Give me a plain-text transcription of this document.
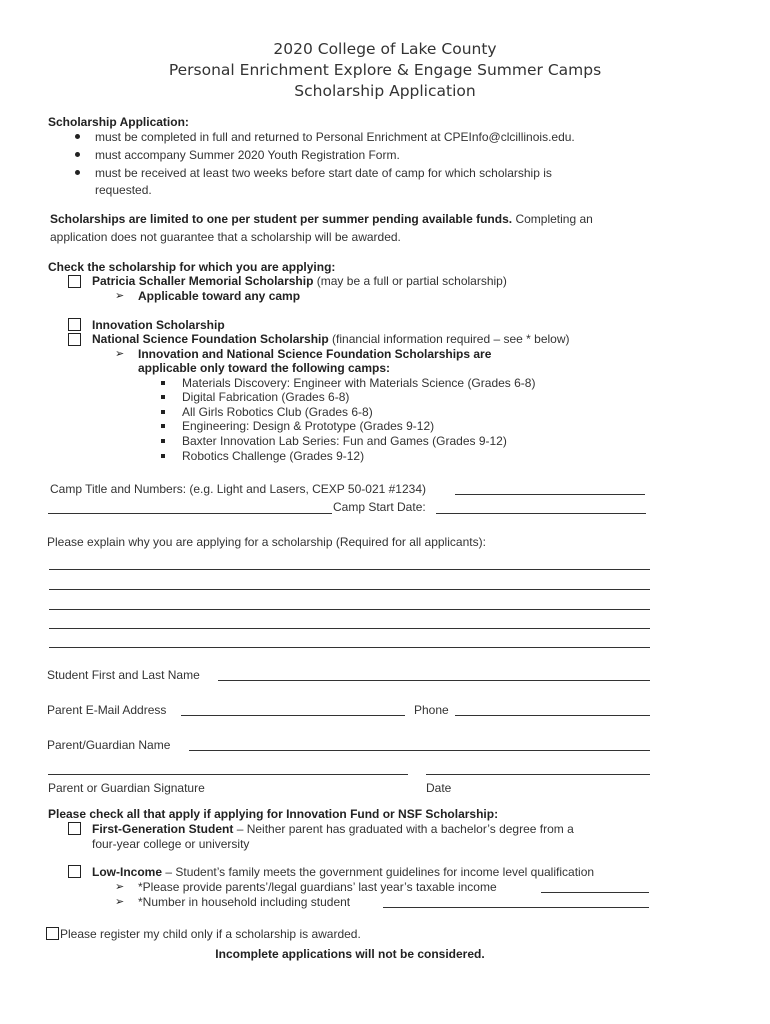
2020 College of Lake County
Personal Enrichment Explore & Engage Summer Camps
Scholarship Application
Scholarship Application:
must be completed in full and returned to Personal Enrichment at CPEInfo@clcillinois.edu.
must accompany Summer 2020 Youth Registration Form.
must be received at least two weeks before start date of camp for which scholarship is
requested.
Scholarships are limited to one per student per summer pending available funds. Completing an
application does not guarantee that a scholarship will be awarded.
Check the scholarship for which you are applying:
Patricia Schaller Memorial Scholarship (may be a full or partial scholarship)
➢ Applicable toward any camp
Innovation Scholarship
National Science Foundation Scholarship (financial information required – see * below)
➢ Innovation and National Science Foundation Scholarships are
applicable only toward the following camps:
Materials Discovery: Engineer with Materials Science (Grades 6-8)
Digital Fabrication (Grades 6-8)
All Girls Robotics Club (Grades 6-8)
Engineering: Design & Prototype (Grades 9-12)
Baxter Innovation Lab Series: Fun and Games (Grades 9-12)
Robotics Challenge (Grades 9-12)
Camp Title and Numbers: (e.g. Light and Lasers, CEXP 50-021 #1234)
Camp Start Date:
Please explain why you are applying for a scholarship (Required for all applicants):
Student First and Last Name
Parent E-Mail Address	Phone
Parent/Guardian Name
Parent or Guardian Signature	Date
Please check all that apply if applying for Innovation Fund or NSF Scholarship:
First-Generation Student – Neither parent has graduated with a bachelor’s degree from a
four-year college or university
Low-Income – Student’s family meets the government guidelines for income level qualification
➢ *Please provide parents’/legal guardians’ last year’s taxable income
➢ *Number in household including student
Please register my child only if a scholarship is awarded.
Incomplete applications will not be considered.
